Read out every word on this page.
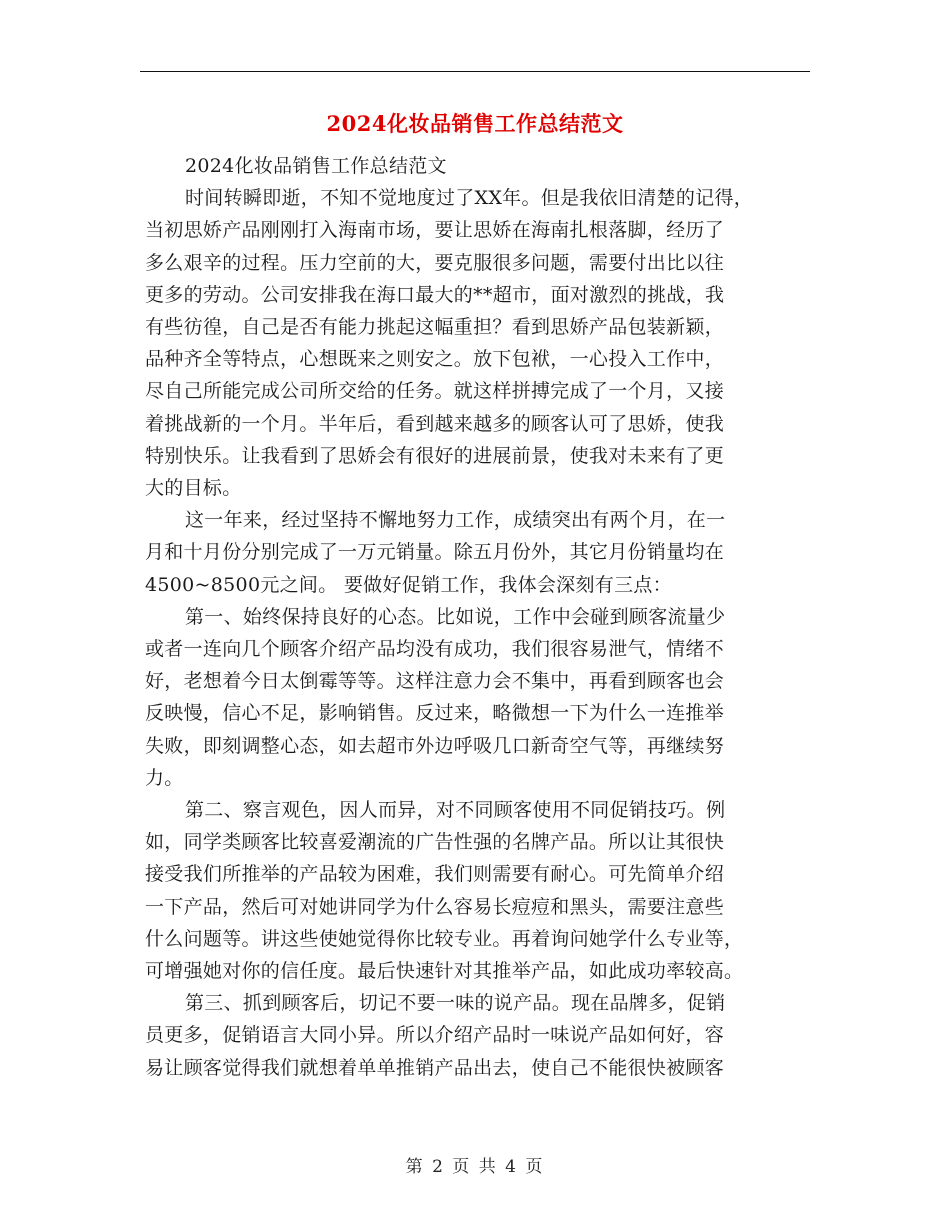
2024化妆品销售工作总结范文
2024化妆品销售工作总结范文
时间转瞬即逝，不知不觉地度过了XX年。但是我依旧清楚的记得，
当初思娇产品刚刚打入海南市场，要让思娇在海南扎根落脚，经历了
多么艰辛的过程。压力空前的大，要克服很多问题，需要付出比以往
更多的劳动。公司安排我在海口最大的**超市，面对激烈的挑战，我
有些彷徨，自己是否有能力挑起这幅重担？看到思娇产品包装新颖，
品种齐全等特点，心想既来之则安之。放下包袱，一心投入工作中，
尽自己所能完成公司所交给的任务。就这样拼搏完成了一个月，又接
着挑战新的一个月。半年后，看到越来越多的顾客认可了思娇，使我
特别快乐。让我看到了思娇会有很好的进展前景，使我对未来有了更
大的目标。
这一年来，经过坚持不懈地努力工作，成绩突出有两个月，在一
月和十月份分别完成了一万元销量。除五月份外，其它月份销量均在
4500~8500元之间。 要做好促销工作，我体会深刻有三点：
第一、始终保持良好的心态。比如说，工作中会碰到顾客流量少
或者一连向几个顾客介绍产品均没有成功，我们很容易泄气，情绪不
好，老想着今日太倒霉等等。这样注意力会不集中，再看到顾客也会
反映慢，信心不足，影响销售。反过来，略微想一下为什么一连推举
失败，即刻调整心态，如去超市外边呼吸几口新奇空气等，再继续努
力。
第二、察言观色，因人而异，对不同顾客使用不同促销技巧。例
如，同学类顾客比较喜爱潮流的广告性强的名牌产品。所以让其很快
接受我们所推举的产品较为困难，我们则需要有耐心。可先简单介绍
一下产品，然后可对她讲同学为什么容易长痘痘和黑头，需要注意些
什么问题等。讲这些使她觉得你比较专业。再着询问她学什么专业等，
可增强她对你的信任度。最后快速针对其推举产品，如此成功率较高。
第三、抓到顾客后，切记不要一味的说产品。现在品牌多，促销
员更多，促销语言大同小异。所以介绍产品时一味说产品如何好，容
易让顾客觉得我们就想着单单推销产品出去，使自己不能很快被顾客
第 2 页 共 4 页
